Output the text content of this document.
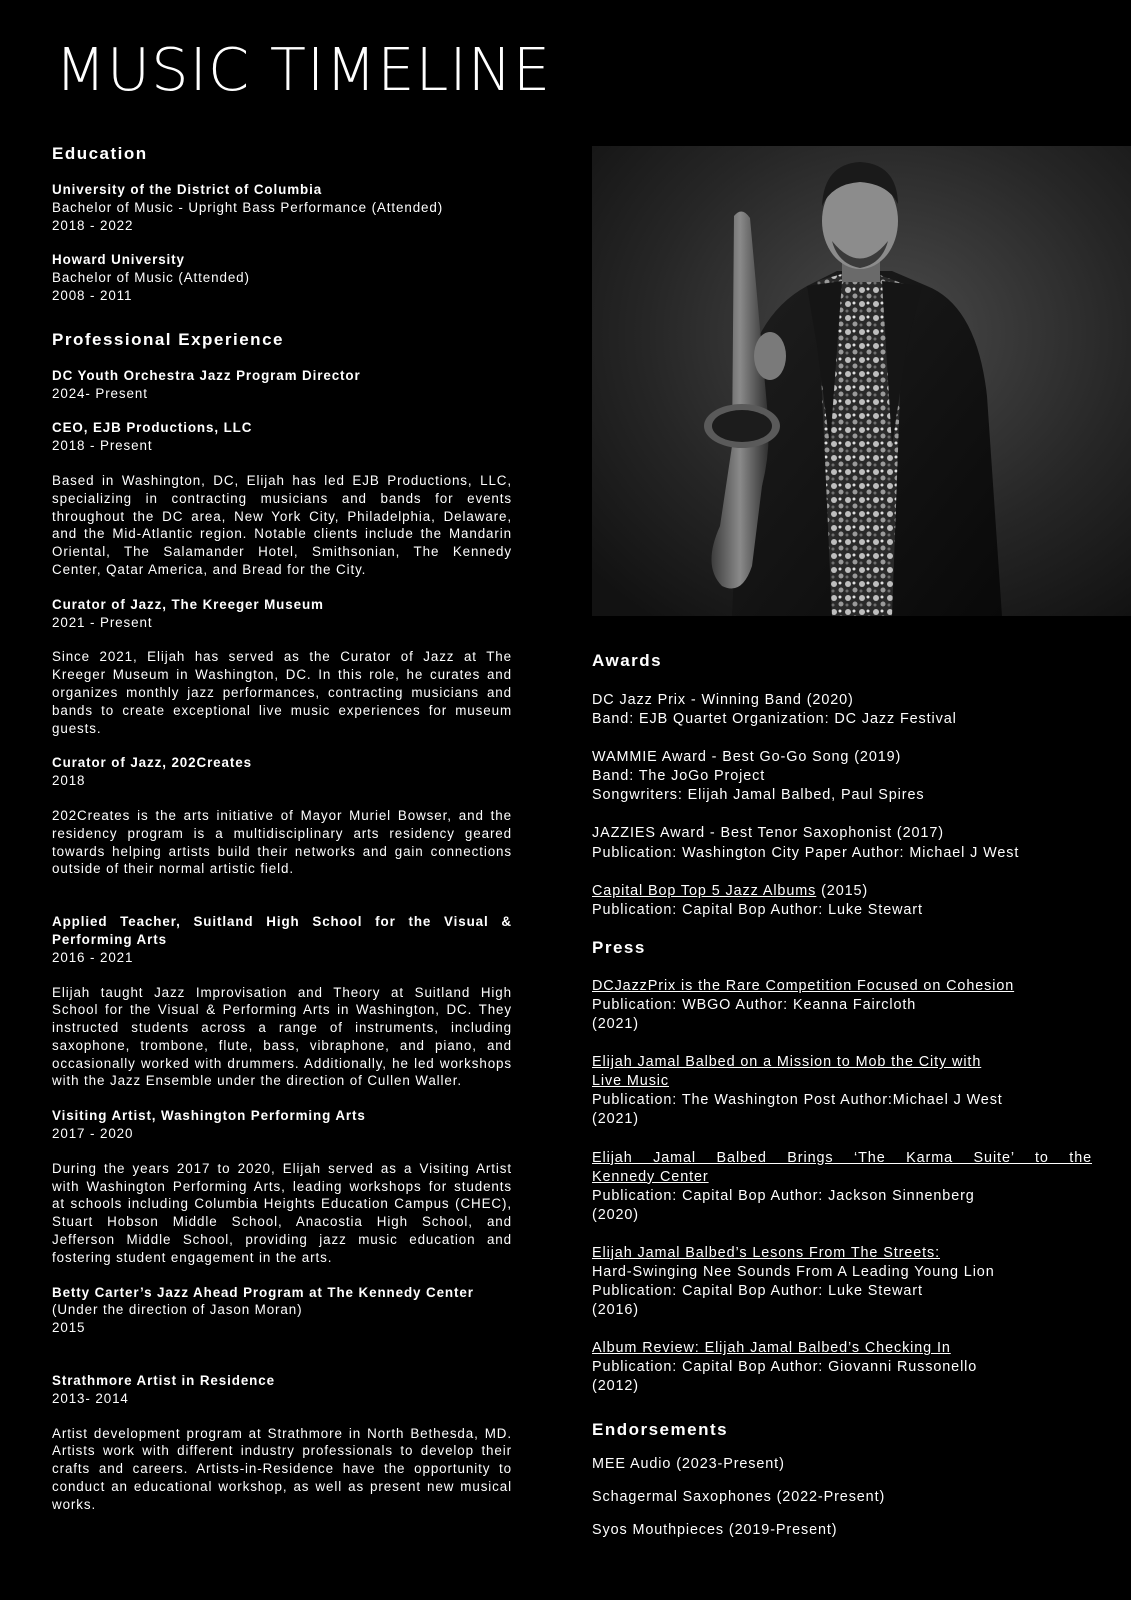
MUSIC TIMELINE
Education
University of the District of Columbia
Bachelor of Music - Upright Bass Performance (Attended)
2018 - 2022
Howard University
Bachelor of Music (Attended)
2008 - 2011
Professional Experience
DC Youth Orchestra Jazz Program Director
2024- Present
CEO, EJB Productions, LLC
2018 - Present
Based in Washington, DC, Elijah has led EJB Productions, LLC, specializing in contracting musicians and bands for events throughout the DC area, New York City, Philadelphia, Delaware, and the Mid-Atlantic region. Notable clients include the Mandarin Oriental, The Salamander Hotel, Smithsonian, The Kennedy Center, Qatar America, and Bread for the City.
Curator of Jazz, The Kreeger Museum
2021 - Present
Since 2021, Elijah has served as the Curator of Jazz at The Kreeger Museum in Washington, DC. In this role, he curates and organizes monthly jazz performances, contracting musicians and bands to create exceptional live music experiences for museum guests.
Curator of Jazz, 202Creates
2018
202Creates is the arts initiative of Mayor Muriel Bowser, and the residency program is a multidisciplinary arts residency geared towards helping artists build their networks and gain connections outside of their normal artistic field.
Applied Teacher, Suitland High School for the Visual & Performing Arts
2016 - 2021
Elijah taught Jazz Improvisation and Theory at Suitland High School for the Visual & Performing Arts in Washington, DC. They instructed students across a range of instruments, including saxophone, trombone, flute, bass, vibraphone, and piano, and occasionally worked with drummers. Additionally, he led workshops with the Jazz Ensemble under the direction of Cullen Waller.
Visiting Artist, Washington Performing Arts
2017 - 2020
During the years 2017 to 2020, Elijah served as a Visiting Artist with Washington Performing Arts, leading workshops for students at schools including Columbia Heights Education Campus (CHEC), Stuart Hobson Middle School, Anacostia High School, and Jefferson Middle School, providing jazz music education and fostering student engagement in the arts.
Betty Carter’s Jazz Ahead Program at The Kennedy Center
(Under the direction of Jason Moran)
2015
Strathmore Artist in Residence
2013- 2014
Artist development program at Strathmore in North Bethesda, MD. Artists work with different industry professionals to develop their crafts and careers. Artists-in-Residence have the opportunity to conduct an educational workshop, as well as present new musical works.
Awards
DC Jazz Prix - Winning Band (2020)
Band: EJB Quartet Organization: DC Jazz Festival
WAMMIE Award - Best Go-Go Song (2019)
Band: The JoGo Project
Songwriters: Elijah Jamal Balbed, Paul Spires
JAZZIES Award - Best Tenor Saxophonist (2017)
Publication: Washington City Paper Author: Michael J West
Capital Bop Top 5 Jazz Albums (2015)
Publication: Capital Bop Author: Luke Stewart
Press
DCJazzPrix is the Rare Competition Focused on Cohesion
Publication: WBGO Author: Keanna Faircloth
(2021)
Elijah Jamal Balbed on a Mission to Mob the City with
Live Music
Publication: The Washington Post Author:Michael J West
(2021)
Elijah Jamal Balbed Brings ‘The Karma Suite’ to the
Kennedy Center
Publication: Capital Bop Author: Jackson Sinnenberg
(2020)
Elijah Jamal Balbed’s Lesons From The Streets:
Hard-Swinging Nee Sounds From A Leading Young Lion
Publication: Capital Bop Author: Luke Stewart
(2016)
Album Review: Elijah Jamal Balbed’s Checking In
Publication: Capital Bop Author: Giovanni Russonello
(2012)
Endorsements
MEE Audio (2023-Present)
Schagermal Saxophones (2022-Present)
Syos Mouthpieces (2019-Present)
